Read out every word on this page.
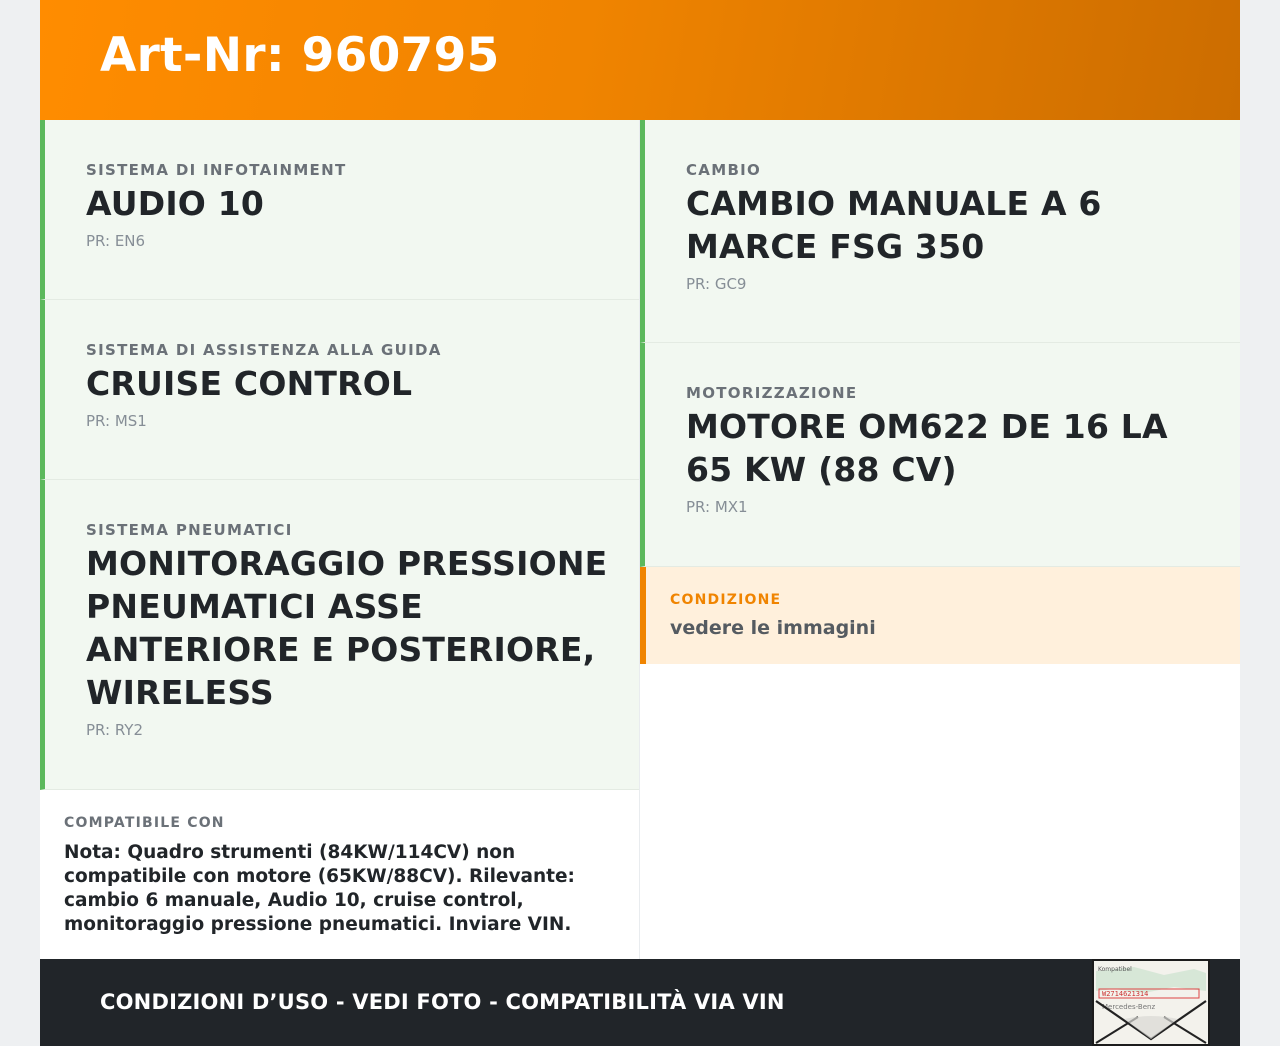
Art-Nr: 960795
SISTEMA DI INFOTAINMENT
AUDIO 10
PR: EN6
SISTEMA DI ASSISTENZA ALLA GUIDA
CRUISE CONTROL
PR: MS1
SISTEMA PNEUMATICI
MONITORAGGIO PRESSIONE PNEUMATICI ASSE ANTERIORE E POSTERIORE, WIRELESS
PR: RY2
COMPATIBILE CON
Nota: Quadro strumenti (84KW/114CV) non compatibile con motore (65KW/88CV). Rilevante: cambio 6 manuale, Audio 10, cruise control, monitoraggio pressione pneumatici. Inviare VIN.
CAMBIO
CAMBIO MANUALE A 6 MARCE FSG 350
PR: GC9
MOTORIZZAZIONE
MOTORE OM622 DE 16 LA 65 KW (88 CV)
PR: MX1
CONDIZIONE
vedere le immagini
CONDIZIONI D’USO - VEDI FOTO - COMPATIBILITÀ VIA VIN
Kompatibel
W2714621314
Mercedes-Benz
